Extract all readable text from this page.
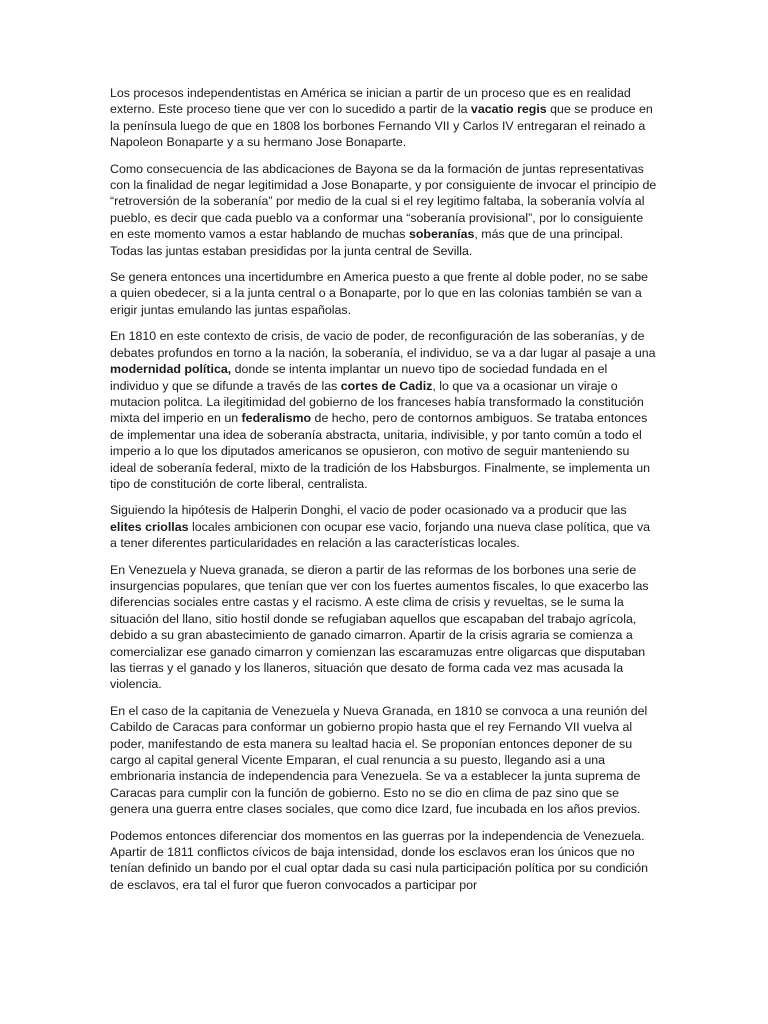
Los procesos independentistas en América se inician a partir de un proceso que es en realidad externo. Este proceso tiene que ver con lo sucedido a partir de la vacatio regis que se produce en la península luego de que en 1808 los borbones Fernando VII y Carlos IV entregaran el reinado a Napoleon Bonaparte y a su hermano Jose Bonaparte.

Como consecuencia de las abdicaciones de Bayona se da la formación de juntas representativas con la finalidad de negar legitimidad a Jose Bonaparte, y por consiguiente de invocar el principio de “retroversión de la soberanía” por medio de la cual si el rey legitimo faltaba, la soberanía volvía al pueblo, es decir que cada pueblo va a conformar una “soberanía provisional”, por lo consiguiente en este momento vamos a estar hablando de muchas soberanías, más que de una principal. Todas las juntas estaban presididas por la junta central de Sevilla.

Se genera entonces una incertidumbre en America puesto a que frente al doble poder, no se sabe a quien obedecer, si a la junta central o a Bonaparte, por lo que en las colonias también se van a erigir juntas emulando las juntas españolas.

En 1810 en este contexto de crisis, de vacio de poder, de reconfiguración de las soberanías, y de debates profundos en torno a la nación, la soberanía, el individuo, se va a dar lugar al pasaje a una modernidad política, donde se intenta implantar un nuevo tipo de sociedad fundada en el individuo y que se difunde a través de las cortes de Cadiz, lo que va a ocasionar un viraje o mutacion politca. La ilegitimidad del gobierno de los franceses había transformado la constitución mixta del imperio en un federalismo de hecho, pero de contornos ambiguos. Se trataba entonces de implementar una idea de soberanía abstracta, unitaria, indivisible, y por tanto común a todo el imperio a lo que los diputados americanos se opusieron, con motivo de seguir manteniendo su ideal de soberanía federal, mixto de la tradición de los Habsburgos. Finalmente, se implementa un tipo de constitución de corte liberal, centralista.

Siguiendo la hipótesis de Halperin Donghi, el vacio de poder ocasionado va a producir que las elites criollas locales ambicionen con ocupar ese vacio, forjando una nueva clase política, que va a tener diferentes particularidades en relación a las características locales.

En Venezuela y Nueva granada, se dieron a partir de las reformas de los borbones una serie de insurgencias populares, que tenían que ver con los fuertes aumentos fiscales, lo que exacerbo las diferencias sociales entre castas y el racismo. A este clima de crisis y revueltas, se le suma la situación del llano, sitio hostil donde se refugiaban aquellos que escapaban del trabajo agrícola, debido a su gran abastecimiento de ganado cimarron. Apartir de la crisis agraria se comienza a comercializar ese ganado cimarron y comienzan las escaramuzas entre oligarcas que disputaban las tierras y el ganado y los llaneros, situación que desato de forma cada vez mas acusada la violencia.

En el caso de la capitania de Venezuela y Nueva Granada, en 1810 se convoca a una reunión del Cabildo de Caracas para conformar un gobierno propio hasta que el rey Fernando VII vuelva al poder, manifestando de esta manera su lealtad hacia el. Se proponían entonces deponer de su cargo al capital general Vicente Emparan, el cual renuncia a su puesto, llegando asi a una embrionaria instancia de independencia para Venezuela. Se va a establecer la junta suprema de Caracas para cumplir con la función de gobierno. Esto no se dio en clima de paz sino que se genera una guerra entre clases sociales, que como dice Izard, fue incubada en los años previos.

Podemos entonces diferenciar dos momentos en las guerras por la independencia de Venezuela. Apartir de 1811 conflictos cívicos de baja intensidad, donde los esclavos eran los únicos que no tenían definido un bando por el cual optar dada su casi nula participación política por su condición de esclavos, era tal el furor que fueron convocados a participar por
